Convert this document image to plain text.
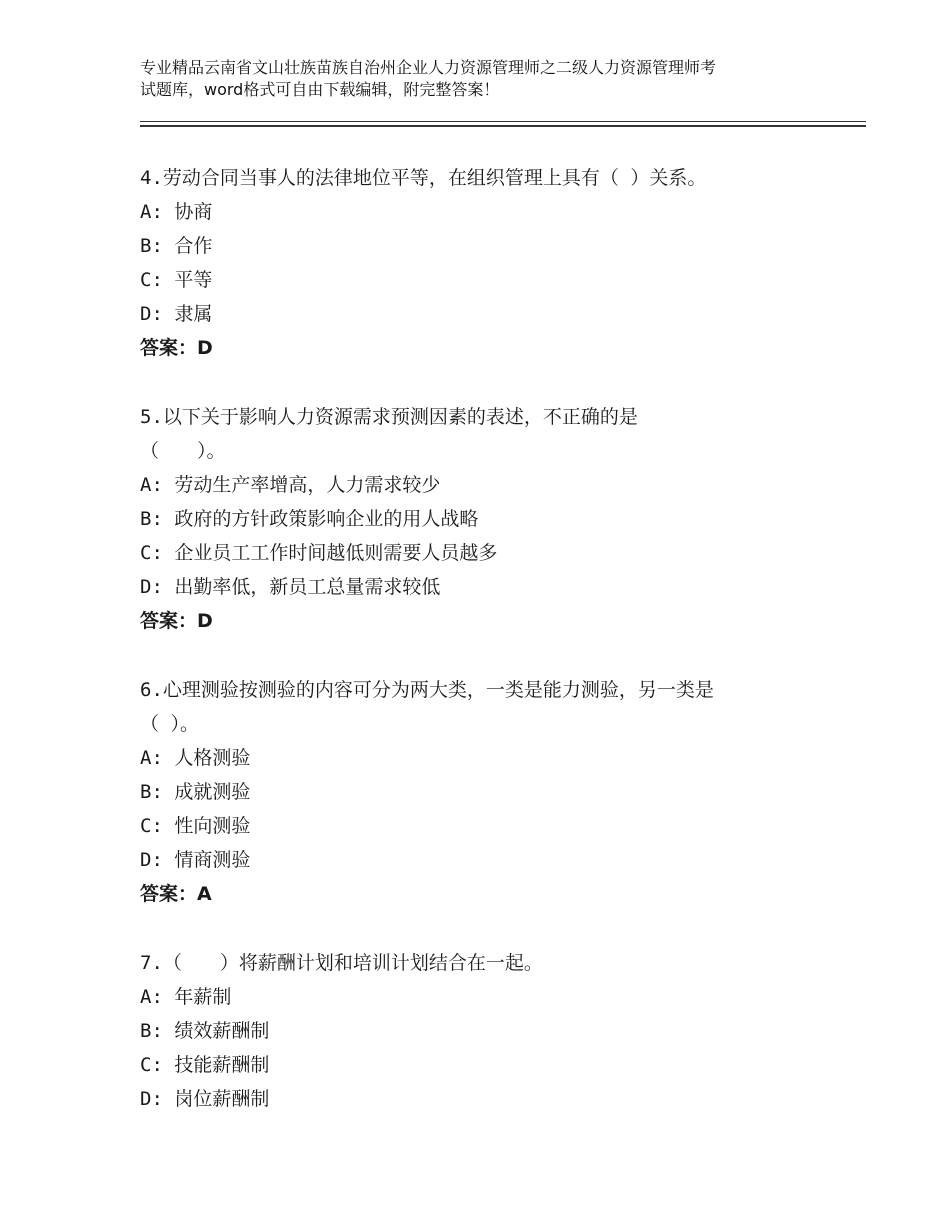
专业精品云南省文山壮族苗族自治州企业人力资源管理师之二级人力资源管理师考
试题库，word格式可自由下载编辑，附完整答案！
4.劳动合同当事人的法律地位平等，在组织管理上具有（ ）关系。
A: 协商
B: 合作
C: 平等
D: 隶属
答案：D
5.以下关于影响人力资源需求预测因素的表述，不正确的是
（　　）。
A: 劳动生产率增高，人力需求较少
B: 政府的方针政策影响企业的用人战略
C: 企业员工工作时间越低则需要人员越多
D: 出勤率低，新员工总量需求较低
答案：D
6.心理测验按测验的内容可分为两大类，一类是能力测验，另一类是
（ ）。
A: 人格测验
B: 成就测验
C: 性向测验
D: 情商测验
答案：A
7.（　　）将薪酬计划和培训计划结合在一起。
A: 年薪制
B: 绩效薪酬制
C: 技能薪酬制
D: 岗位薪酬制
